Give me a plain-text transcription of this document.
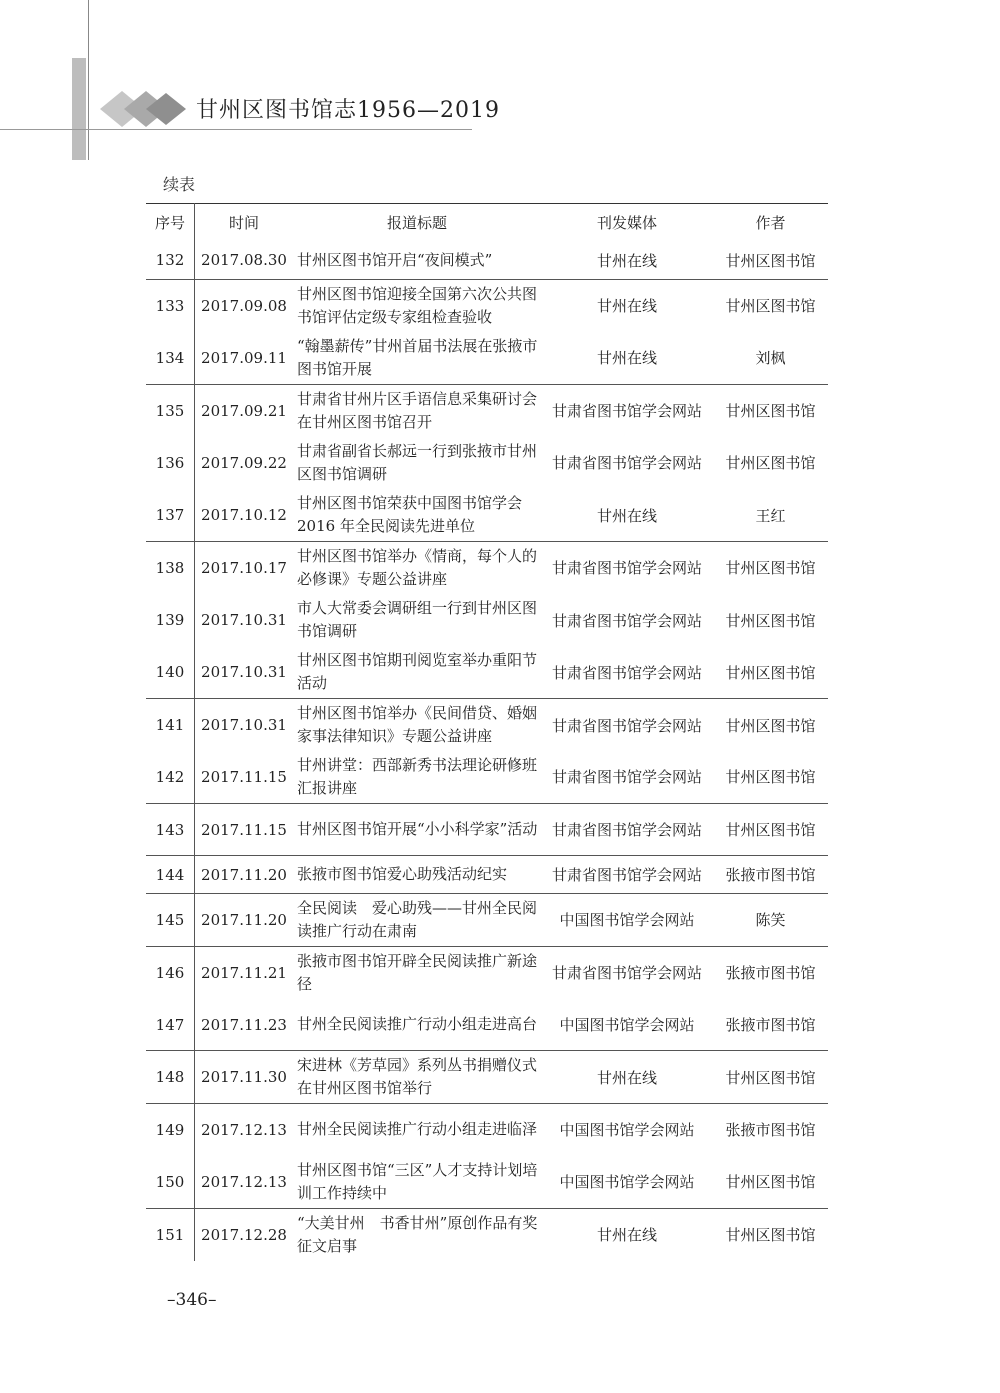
甘州区图书馆志1956—2019
续表
序号	时间	报道标题	刊发媒体	作者
132	2017.08.30	甘州区图书馆开启“夜间模式”	甘州在线	甘州区图书馆
133	2017.09.08	甘州区图书馆迎接全国第六次公共图书馆评估定级专家组检查验收	甘州在线	甘州区图书馆
134	2017.09.11	“翰墨薪传”甘州首届书法展在张掖市图书馆开展	甘州在线	刘枫
135	2017.09.21	甘肃省甘州片区手语信息采集研讨会在甘州区图书馆召开	甘肃省图书馆学会网站	甘州区图书馆
136	2017.09.22	甘肃省副省长郝远一行到张掖市甘州区图书馆调研	甘肃省图书馆学会网站	甘州区图书馆
137	2017.10.12	甘州区图书馆荣获中国图书馆学会 2016 年全民阅读先进单位	甘州在线	王红
138	2017.10.17	甘州区图书馆举办《情商，每个人的必修课》专题公益讲座	甘肃省图书馆学会网站	甘州区图书馆
139	2017.10.31	市人大常委会调研组一行到甘州区图书馆调研	甘肃省图书馆学会网站	甘州区图书馆
140	2017.10.31	甘州区图书馆期刊阅览室举办重阳节活动	甘肃省图书馆学会网站	甘州区图书馆
141	2017.10.31	甘州区图书馆举办《民间借贷、婚姻家事法律知识》专题公益讲座	甘肃省图书馆学会网站	甘州区图书馆
142	2017.11.15	甘州讲堂：西部新秀书法理论研修班汇报讲座	甘肃省图书馆学会网站	甘州区图书馆
143	2017.11.15	甘州区图书馆开展“小小科学家”活动	甘肃省图书馆学会网站	甘州区图书馆
144	2017.11.20	张掖市图书馆爱心助残活动纪实	甘肃省图书馆学会网站	张掖市图书馆
145	2017.11.20	全民阅读　爱心助残——甘州全民阅读推广行动在肃南	中国图书馆学会网站	陈笑
146	2017.11.21	张掖市图书馆开辟全民阅读推广新途径	甘肃省图书馆学会网站	张掖市图书馆
147	2017.11.23	甘州全民阅读推广行动小组走进高台	中国图书馆学会网站	张掖市图书馆
148	2017.11.30	宋进林《芳草园》系列丛书捐赠仪式在甘州区图书馆举行	甘州在线	甘州区图书馆
149	2017.12.13	甘州全民阅读推广行动小组走进临泽	中国图书馆学会网站	张掖市图书馆
150	2017.12.13	甘州区图书馆“三区”人才支持计划培训工作持续中	中国图书馆学会网站	甘州区图书馆
151	2017.12.28	“大美甘州　书香甘州”原创作品有奖征文启事	甘州在线	甘州区图书馆
–346–
